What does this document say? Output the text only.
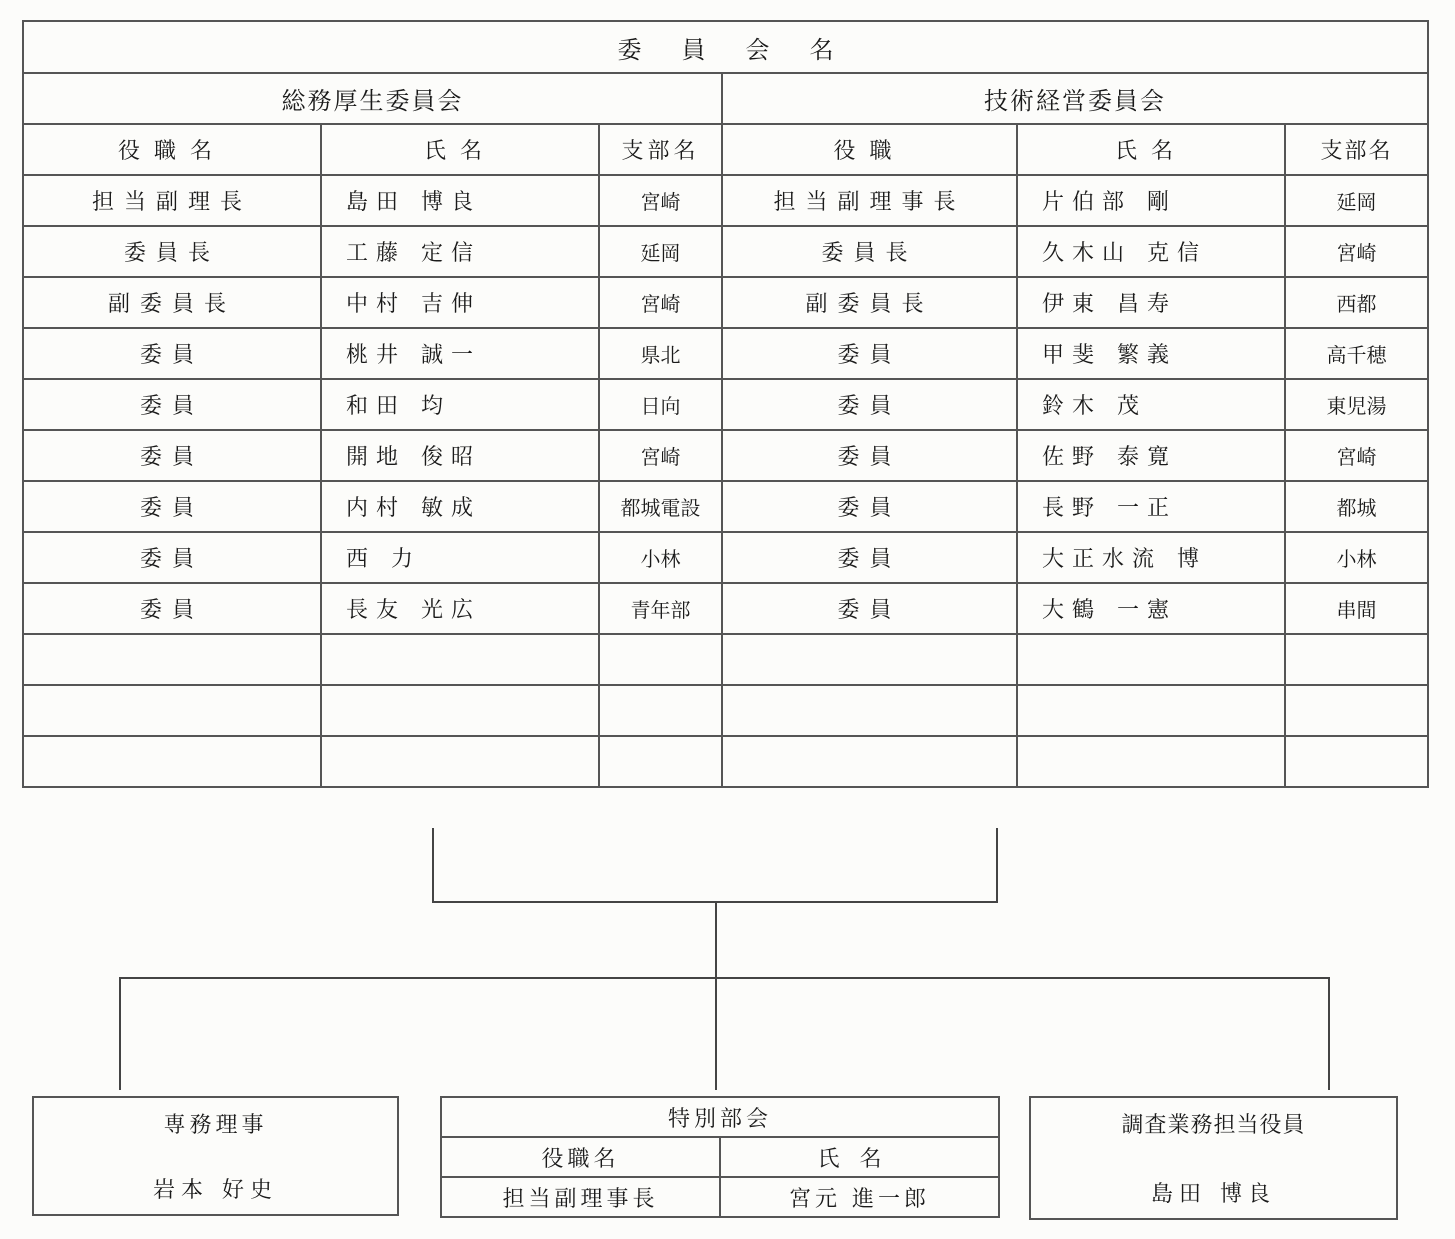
委員会名					
総務厚生委員会			技術経営委員会		
役職名	氏名	支部名	役職	氏名	支部名
担当副理長	島田 博良	宮崎	担当副理事長	片伯部 剛	延岡
委員長	工藤 定信	延岡	委員長	久木山 克信	宮崎
副委員長	中村 吉伸	宮崎	副委員長	伊東 昌寿	西都
委員	桃井 誠一	県北	委員	甲斐 繁義	高千穂
委員	和田 均	日向	委員	鈴木 茂	東児湯
委員	開地 俊昭	宮崎	委員	佐野 泰寛	宮崎
委員	内村 敏成	都城電設	委員	長野 一正	都城
委員	西 力	小林	委員	大正水流 博	小林
委員	長友 光広	青年部	委員	大鶴 一憲	串間

専務理事
岩本 好史
特別部会	
役職名	氏名
担当副理事長	宮元 進一郎
調査業務担当役員
島田 博良
